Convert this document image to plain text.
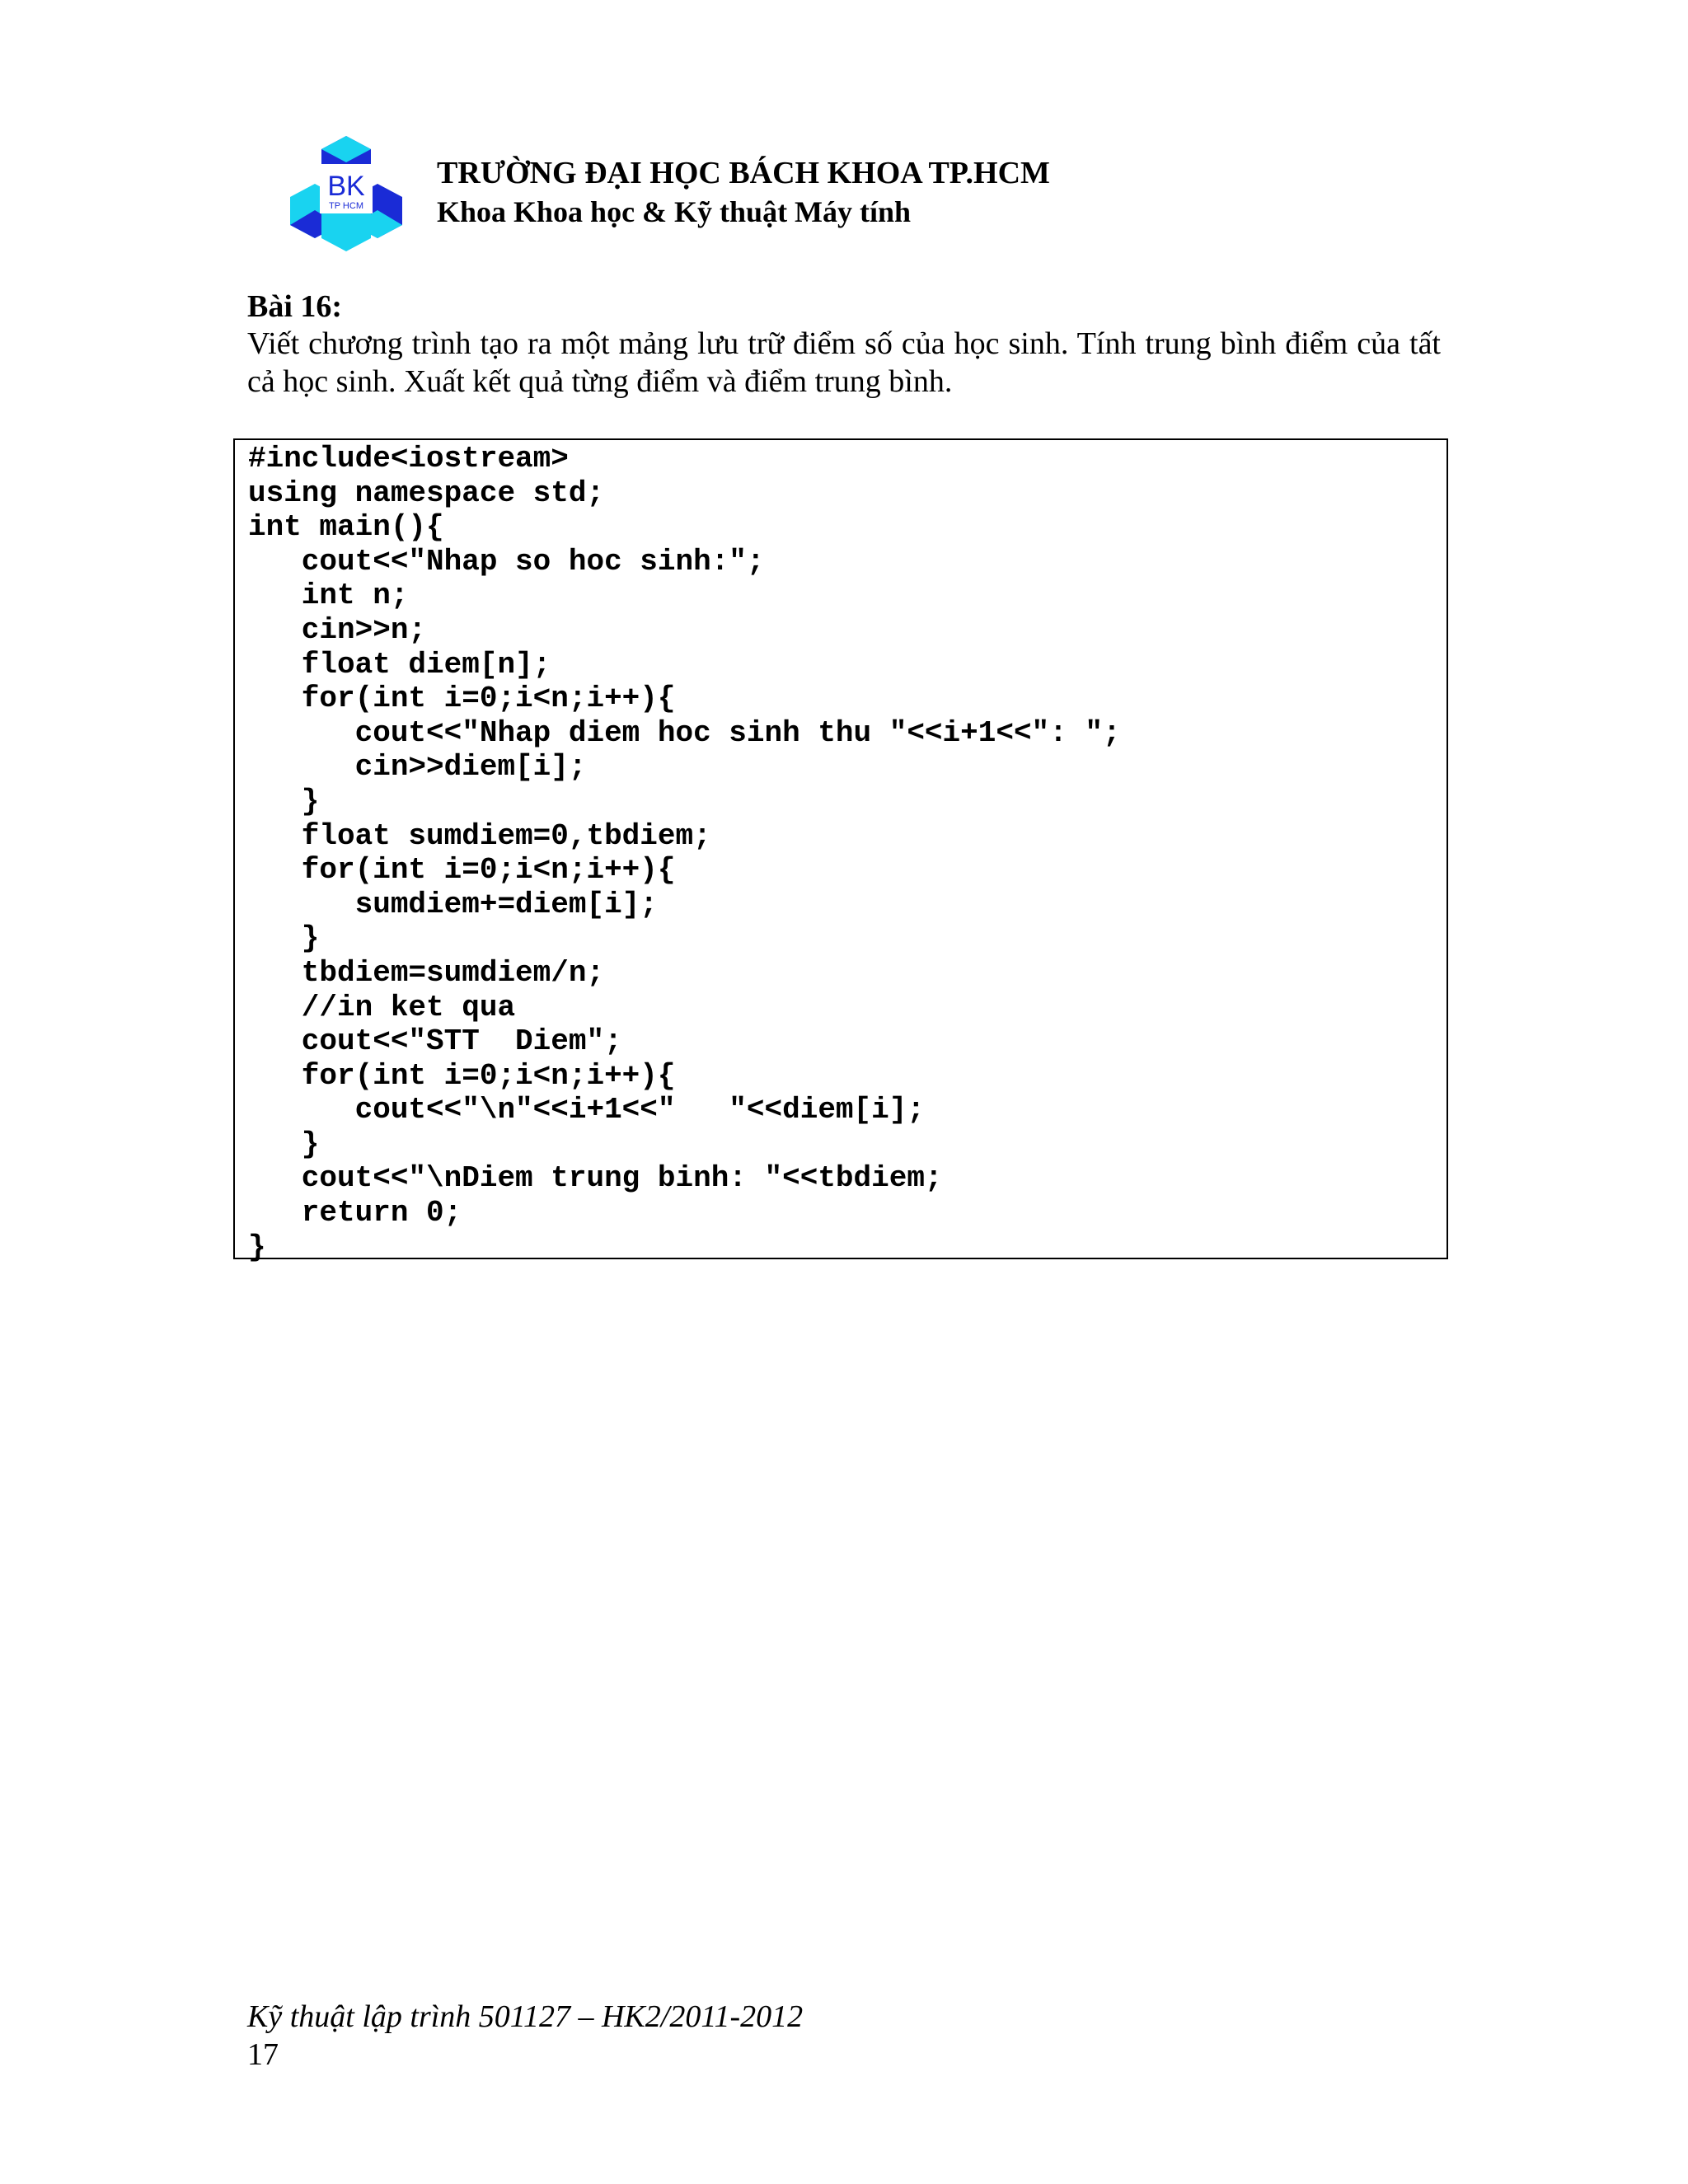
BK
TP HCM
TRƯỜNG ĐẠI HỌC BÁCH KHOA TP.HCM
Khoa Khoa học & Kỹ thuật Máy tính
Bài 16:
Viết chương trình tạo ra một mảng lưu trữ điểm số của học sinh. Tính trung bình điểm của tất cả học sinh. Xuất kết quả từng điểm và điểm trung bình.
#include<iostream>
using namespace std;
int main(){
cout<<"Nhap so hoc sinh:";
int n;
cin>>n;
float diem[n];
for(int i=0;i<n;i++){
cout<<"Nhap diem hoc sinh thu "<<i+1<<": ";
cin>>diem[i];
}
float sumdiem=0,tbdiem;
for(int i=0;i<n;i++){
sumdiem+=diem[i];
}
tbdiem=sumdiem/n;
//in ket qua
cout<<"STT  Diem";
for(int i=0;i<n;i++){
cout<<"\n"<<i+1<<"   "<<diem[i];
}
cout<<"\nDiem trung binh: "<<tbdiem;
return 0;
}
Kỹ thuật lập trình 501127 – HK2/2011-2012
17
